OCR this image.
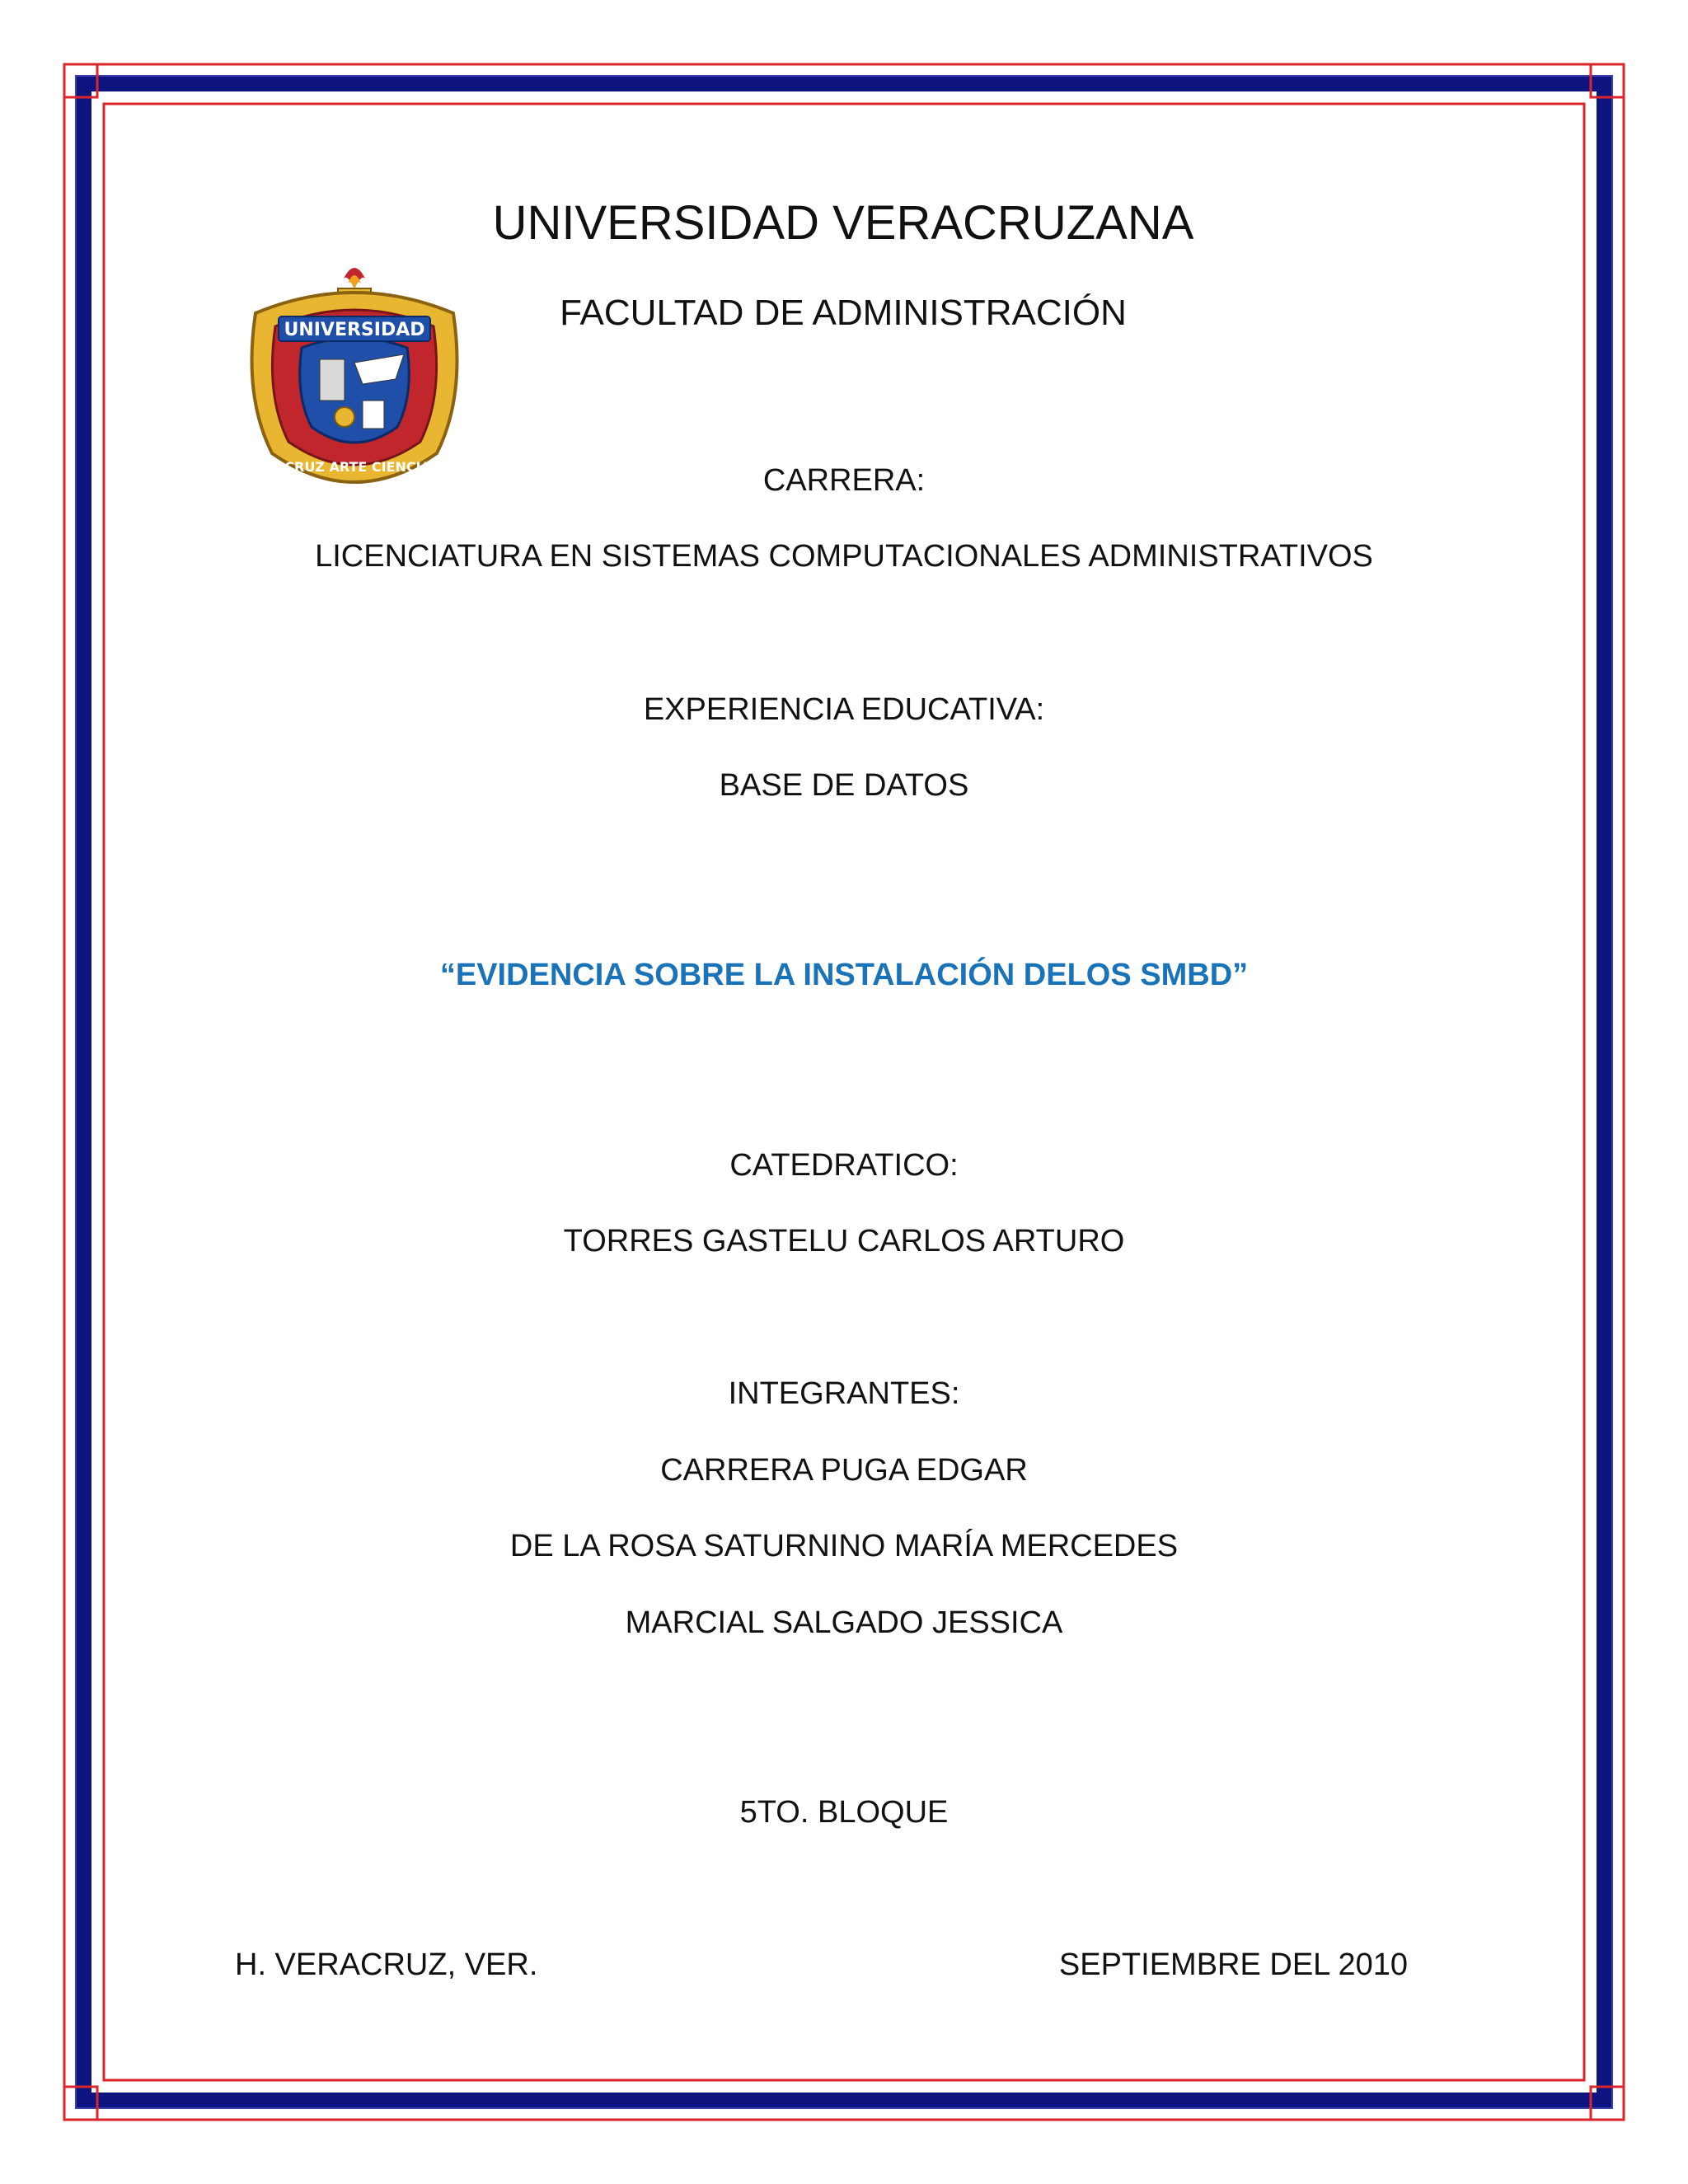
UNIVERSIDAD
VERACRUZ ARTE CIENCIA LUZ
UNIVERSIDAD VERACRUZANA
FACULTAD DE ADMINISTRACIÓN
CARRERA:
LICENCIATURA EN SISTEMAS COMPUTACIONALES ADMINISTRATIVOS
EXPERIENCIA EDUCATIVA:
BASE DE DATOS
“EVIDENCIA SOBRE LA INSTALACIÓN DELOS SMBD”
CATEDRATICO:
TORRES GASTELU CARLOS ARTURO
INTEGRANTES:
CARRERA PUGA EDGAR
DE LA ROSA SATURNINO MARÍA MERCEDES
MARCIAL SALGADO JESSICA
5TO. BLOQUE
H. VERACRUZ, VER.	SEPTIEMBRE DEL 2010
